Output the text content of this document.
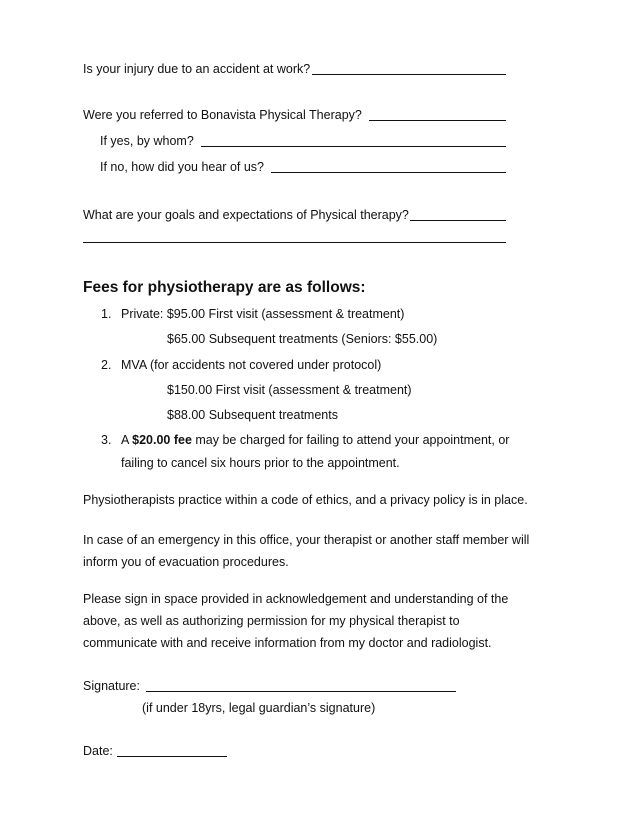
Is your injury due to an accident at work?
Were you referred to Bonavista Physical Therapy?
If yes, by whom?
If no, how did you hear of us?
What are your goals and expectations of Physical therapy?
Fees for physiotherapy are as follows:
1. Private: $95.00 First visit (assessment & treatment)
$65.00 Subsequent treatments (Seniors: $55.00)
2. MVA (for accidents not covered under protocol)
$150.00 First visit (assessment & treatment)
$88.00 Subsequent treatments
3. A $20.00 fee may be charged for failing to attend your appointment, or
failing to cancel six hours prior to the appointment.
Physiotherapists practice within a code of ethics, and a privacy policy is in place.
In case of an emergency in this office, your therapist or another staff member will
inform you of evacuation procedures.
Please sign in space provided in acknowledgement and understanding of the
above, as well as authorizing permission for my physical therapist to
communicate with and receive information from my doctor and radiologist.
Signature:
(if under 18yrs, legal guardian’s signature)
Date:
